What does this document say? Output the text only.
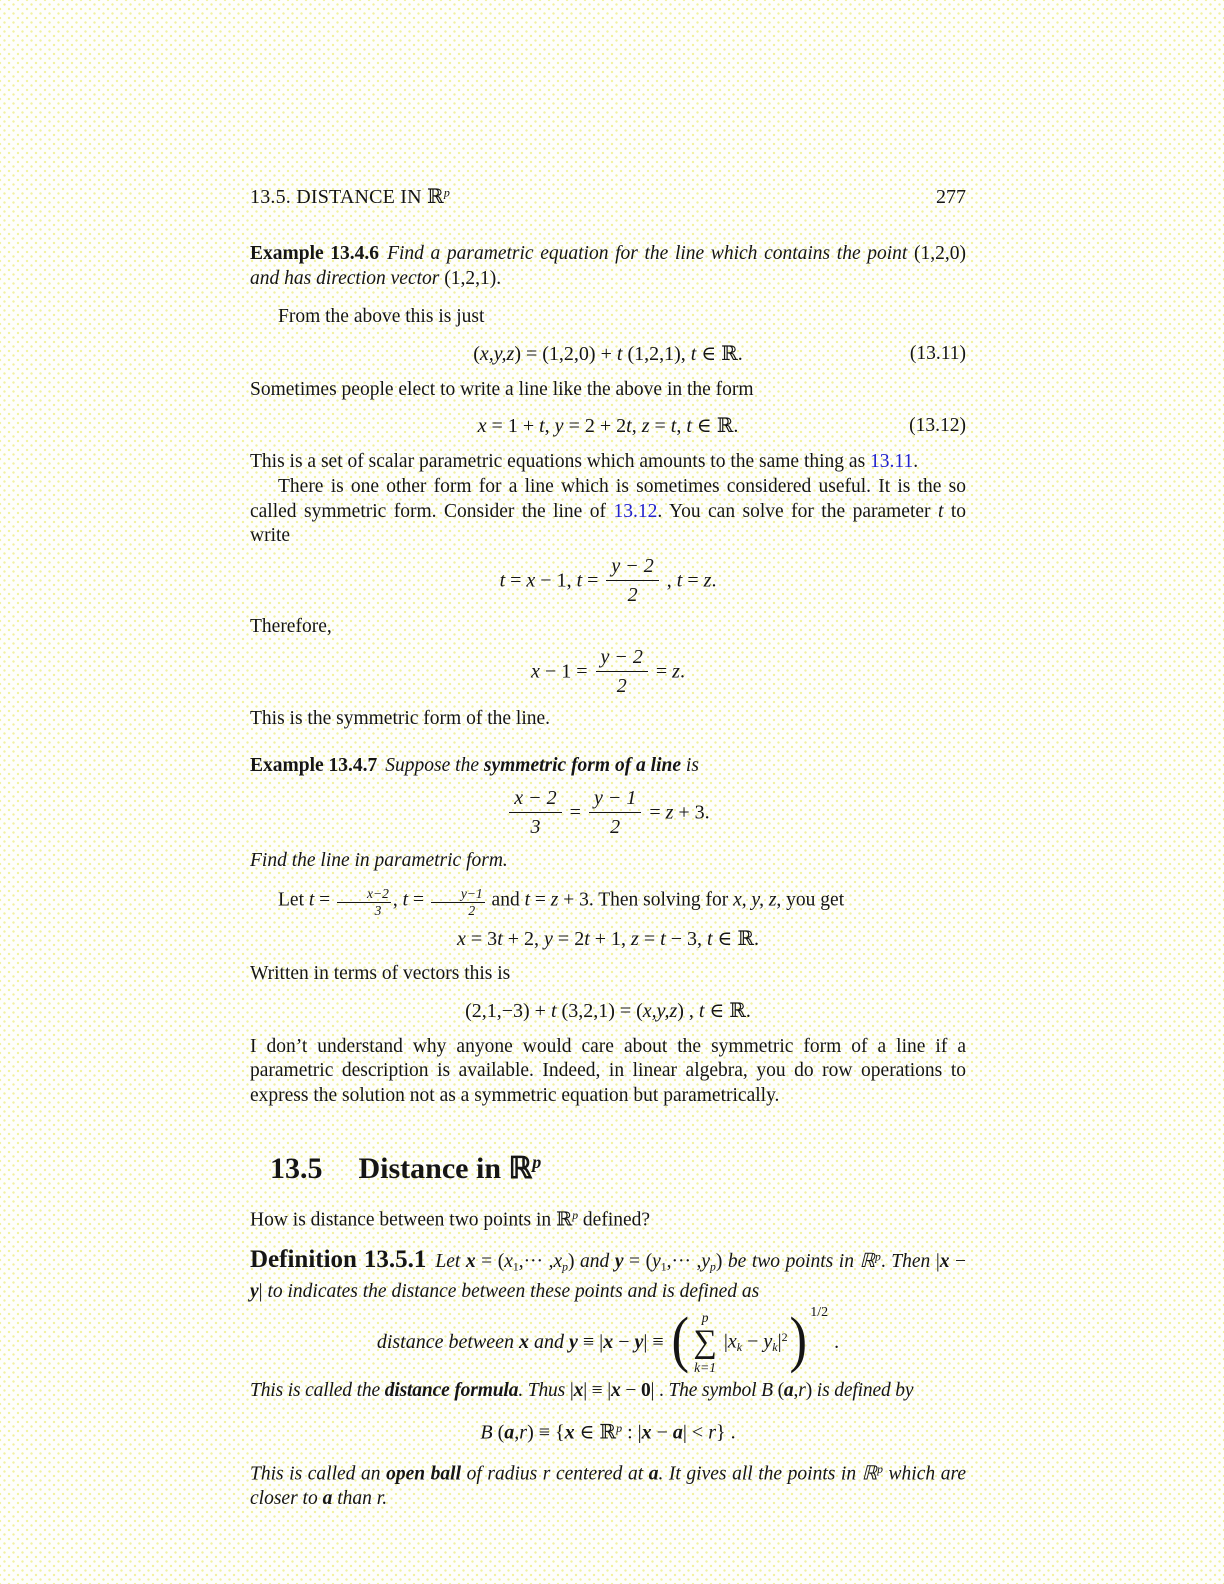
13.5. DISTANCE IN ℝ$^p$	277

Example 13.4.6 Find a parametric equation for the line which contains the point (1,2,0) and has direction vector (1,2,1).

From the above this is just

(x,y,z) = (1,2,0) + t (1,2,1), t ∈ ℝ.	(13.11)

Sometimes people elect to write a line like the above in the form

x = 1 + t, y = 2 + 2t, z = t, t ∈ ℝ.	(13.12)

This is a set of scalar parametric equations which amounts to the same thing as 13.11.

There is one other form for a line which is sometimes considered useful. It is the so called symmetric form. Consider the line of 13.12. You can solve for the parameter t to write

t = x − 1, $t = \frac{y - 2}{2}$ , t = z.

Therefore,

$x - 1 = \frac{y - 2}{2} = z$.

This is the symmetric form of the line.

Example 13.4.7 Suppose the symmetric form of a line is

$\frac{x - 2}{3} = \frac{y - 1}{2} = z + 3$.

Find the line in parametric form.

Let $t = \frac{x-2}{3}$ , $t = \frac{y-1}{2}$ and t = z + 3. Then solving for x, y, z, you get

x = 3t + 2, y = 2t + 1, z = t − 3, t ∈ ℝ.

Written in terms of vectors this is

(2,1,−3) + t (3,2,1) = (x,y,z) , t ∈ ℝ.

I don’t understand why anyone would care about the symmetric form of a line if a parametric description is available. Indeed, in linear algebra, you do row operations to express the solution not as a symmetric equation but parametrically.

13.5 Distance in ℝ$^p$

How is distance between two points in ℝ$^p$ defined?

Definition 13.5.1 Let x = (x1,··· ,xp) and y = (y1,··· ,yp) be two points in ℝ$^p$. Then |x − y| to indicates the distance between these points and is defined as

distance between x and y ≡ |x − y| ≡ ( p
∑
k=1
$|xk - yk|^2$ ) 1/2
.

This is called the distance formula. Thus |x| ≡ |x − 0| . The symbol B (a,r) is defined by

B (a,r) ≡ {x ∈ ℝ$^p$ : |x − a| < r} .

This is called an open ball of radius r centered at a. It gives all the points in ℝ$^p$ which are closer to a than r.
